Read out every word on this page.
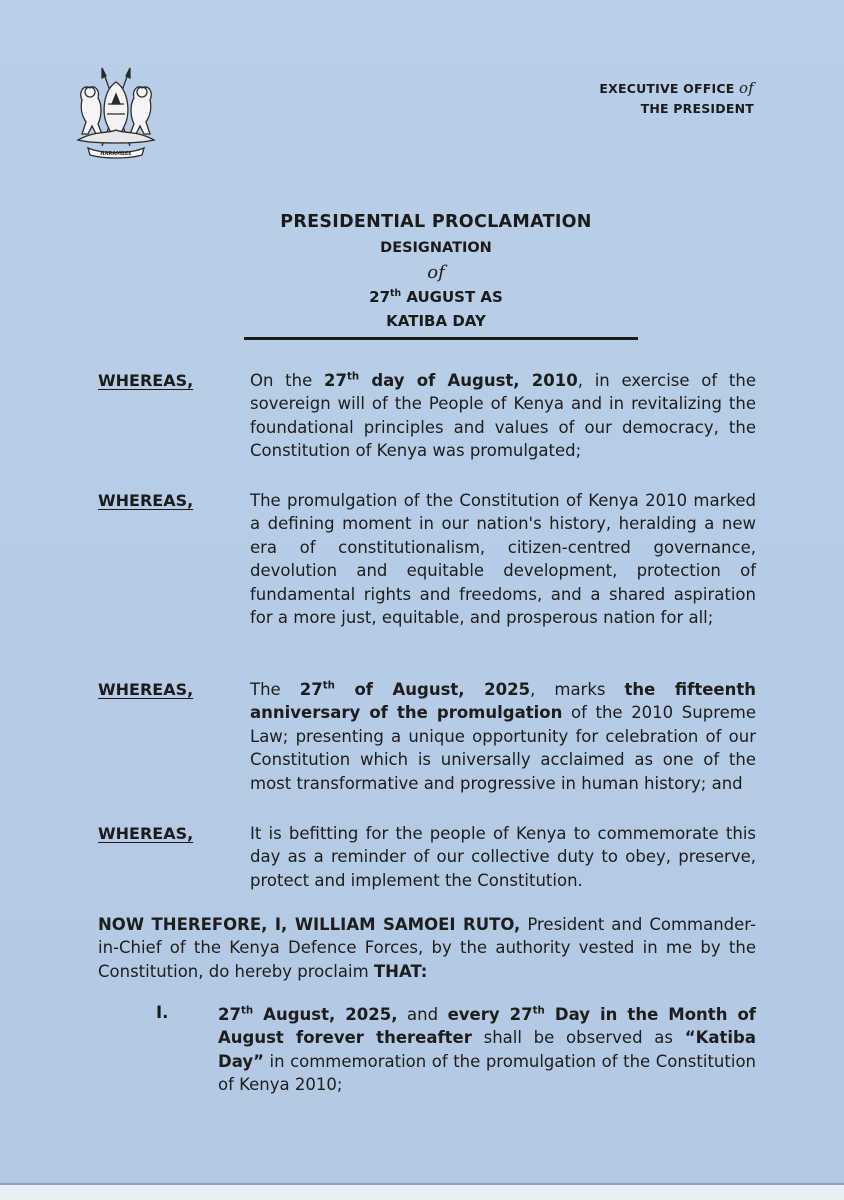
HARAMBEE
EXECUTIVE OFFICE of
THE PRESIDENT
PRESIDENTIAL PROCLAMATION
DESIGNATION
of
27th AUGUST AS
KATIBA DAY
WHEREAS,	On the 27th day of August, 2010, in exercise of the sovereign will of the People of Kenya and in revitalizing the foundational principles and values of our democracy, the Constitution of Kenya was promulgated;
WHEREAS,	The promulgation of the Constitution of Kenya 2010 marked a defining moment in our nation's history, heralding a new era of constitutionalism, citizen-centred governance, devolution and equitable development, protection of fundamental rights and freedoms, and a shared aspiration for a more just, equitable, and prosperous nation for all;
WHEREAS,	The 27th of August, 2025, marks the fifteenth anniversary of the promulgation of the 2010 Supreme Law; presenting a unique opportunity for celebration of our Constitution which is universally acclaimed as one of the most transformative and progressive in human history; and
WHEREAS,	It is befitting for the people of Kenya to commemorate this day as a reminder of our collective duty to obey, preserve, protect and implement the Constitution.
NOW THEREFORE, I, WILLIAM SAMOEI RUTO, President and Commander-in-Chief of the Kenya Defence Forces, by the authority vested in me by the Constitution, do hereby proclaim THAT:
I.	27th August, 2025, and every 27th Day in the Month of August forever thereafter shall be observed as “Katiba Day” in commemoration of the promulgation of the Constitution of Kenya 2010;
